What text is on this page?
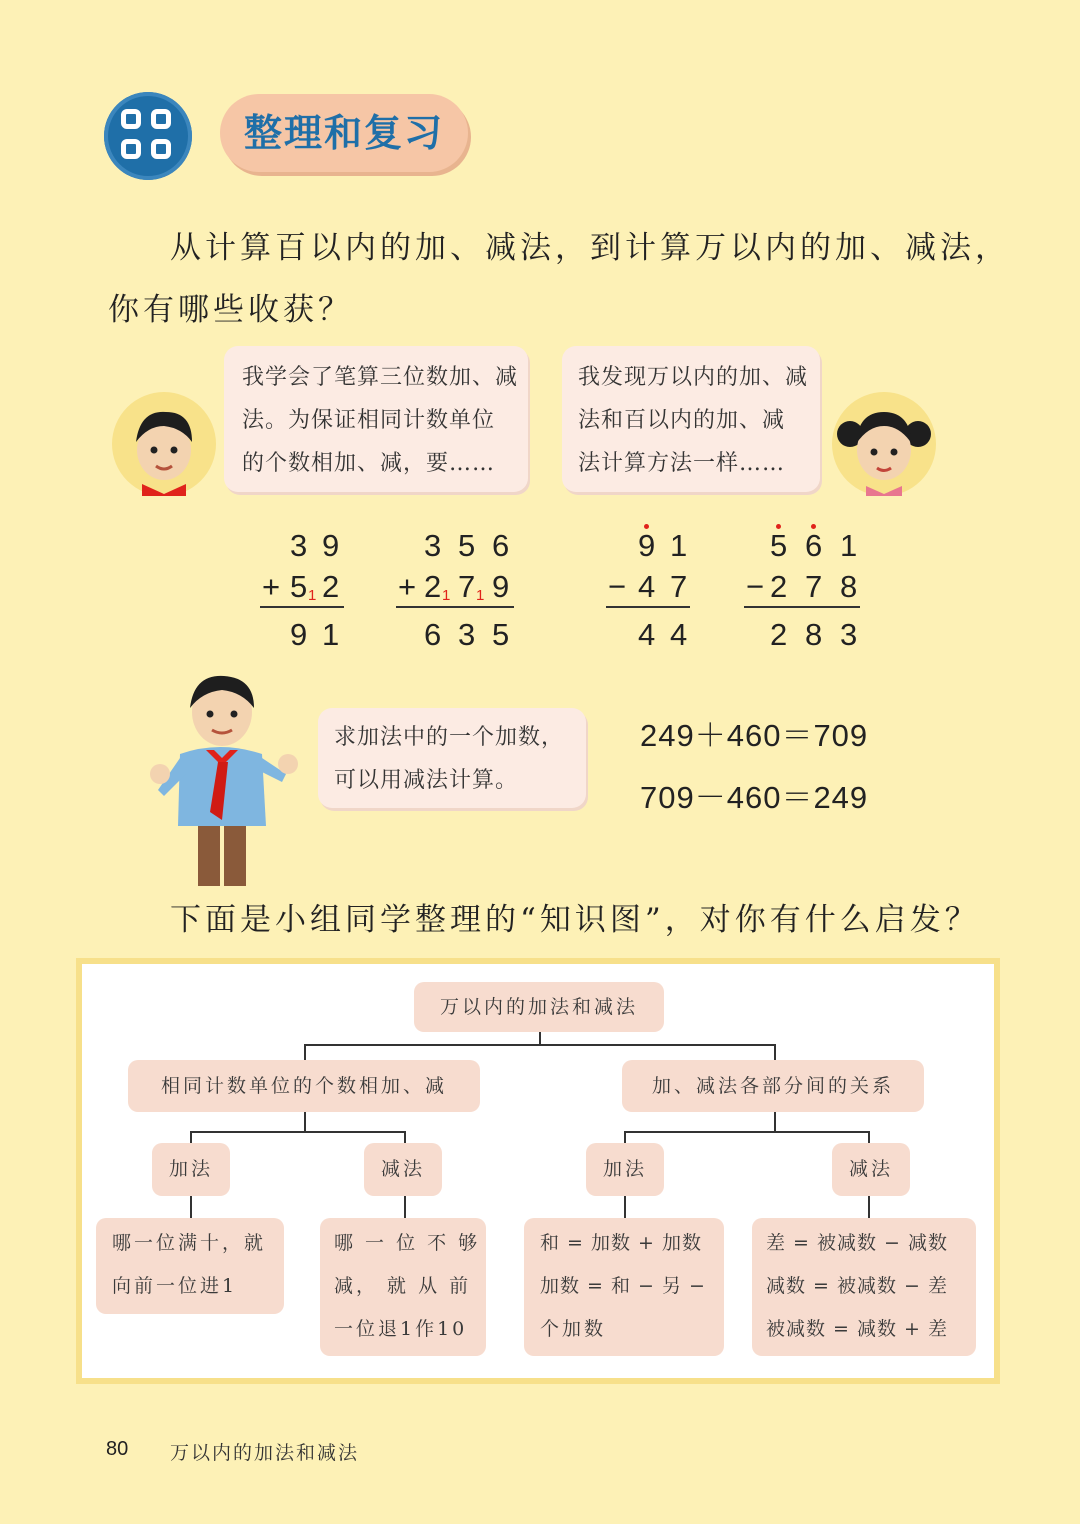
整理和复习
从计算百以内的加、减法，到计算万以内的加、减法，
你有哪些收获？
我学会了笔算三位数加、减
法。为保证相同计数单位
的个数相加、减，要……
我发现万以内的加、减
法和百以内的加、减
法计算方法一样……
3 9
+ 5 1 2
9 1
3 5 6
+ 2 1 7 1 9
6 3 5
9 1
− 4 7
4 4
5 6 1
− 2 7 8
2 8 3
求加法中的一个加数，
可以用减法计算。
249＋460＝709
709－460＝249
下面是小组同学整理的“知识图”，对你有什么启发？
万以内的加法和减法
相同计数单位的个数相加、减	加、减法各部分间的关系
加法	减法	加法	减法
哪一位满十，就
向前一位进1
哪 一 位 不 够
减， 就 从 前
一位退1作10
和 = 加数 + 加数
加数 = 和 − 另 −
个加数
差 = 被减数 − 减数
减数 = 被减数 − 差
被减数 = 减数 + 差
80 万以内的加法和减法
